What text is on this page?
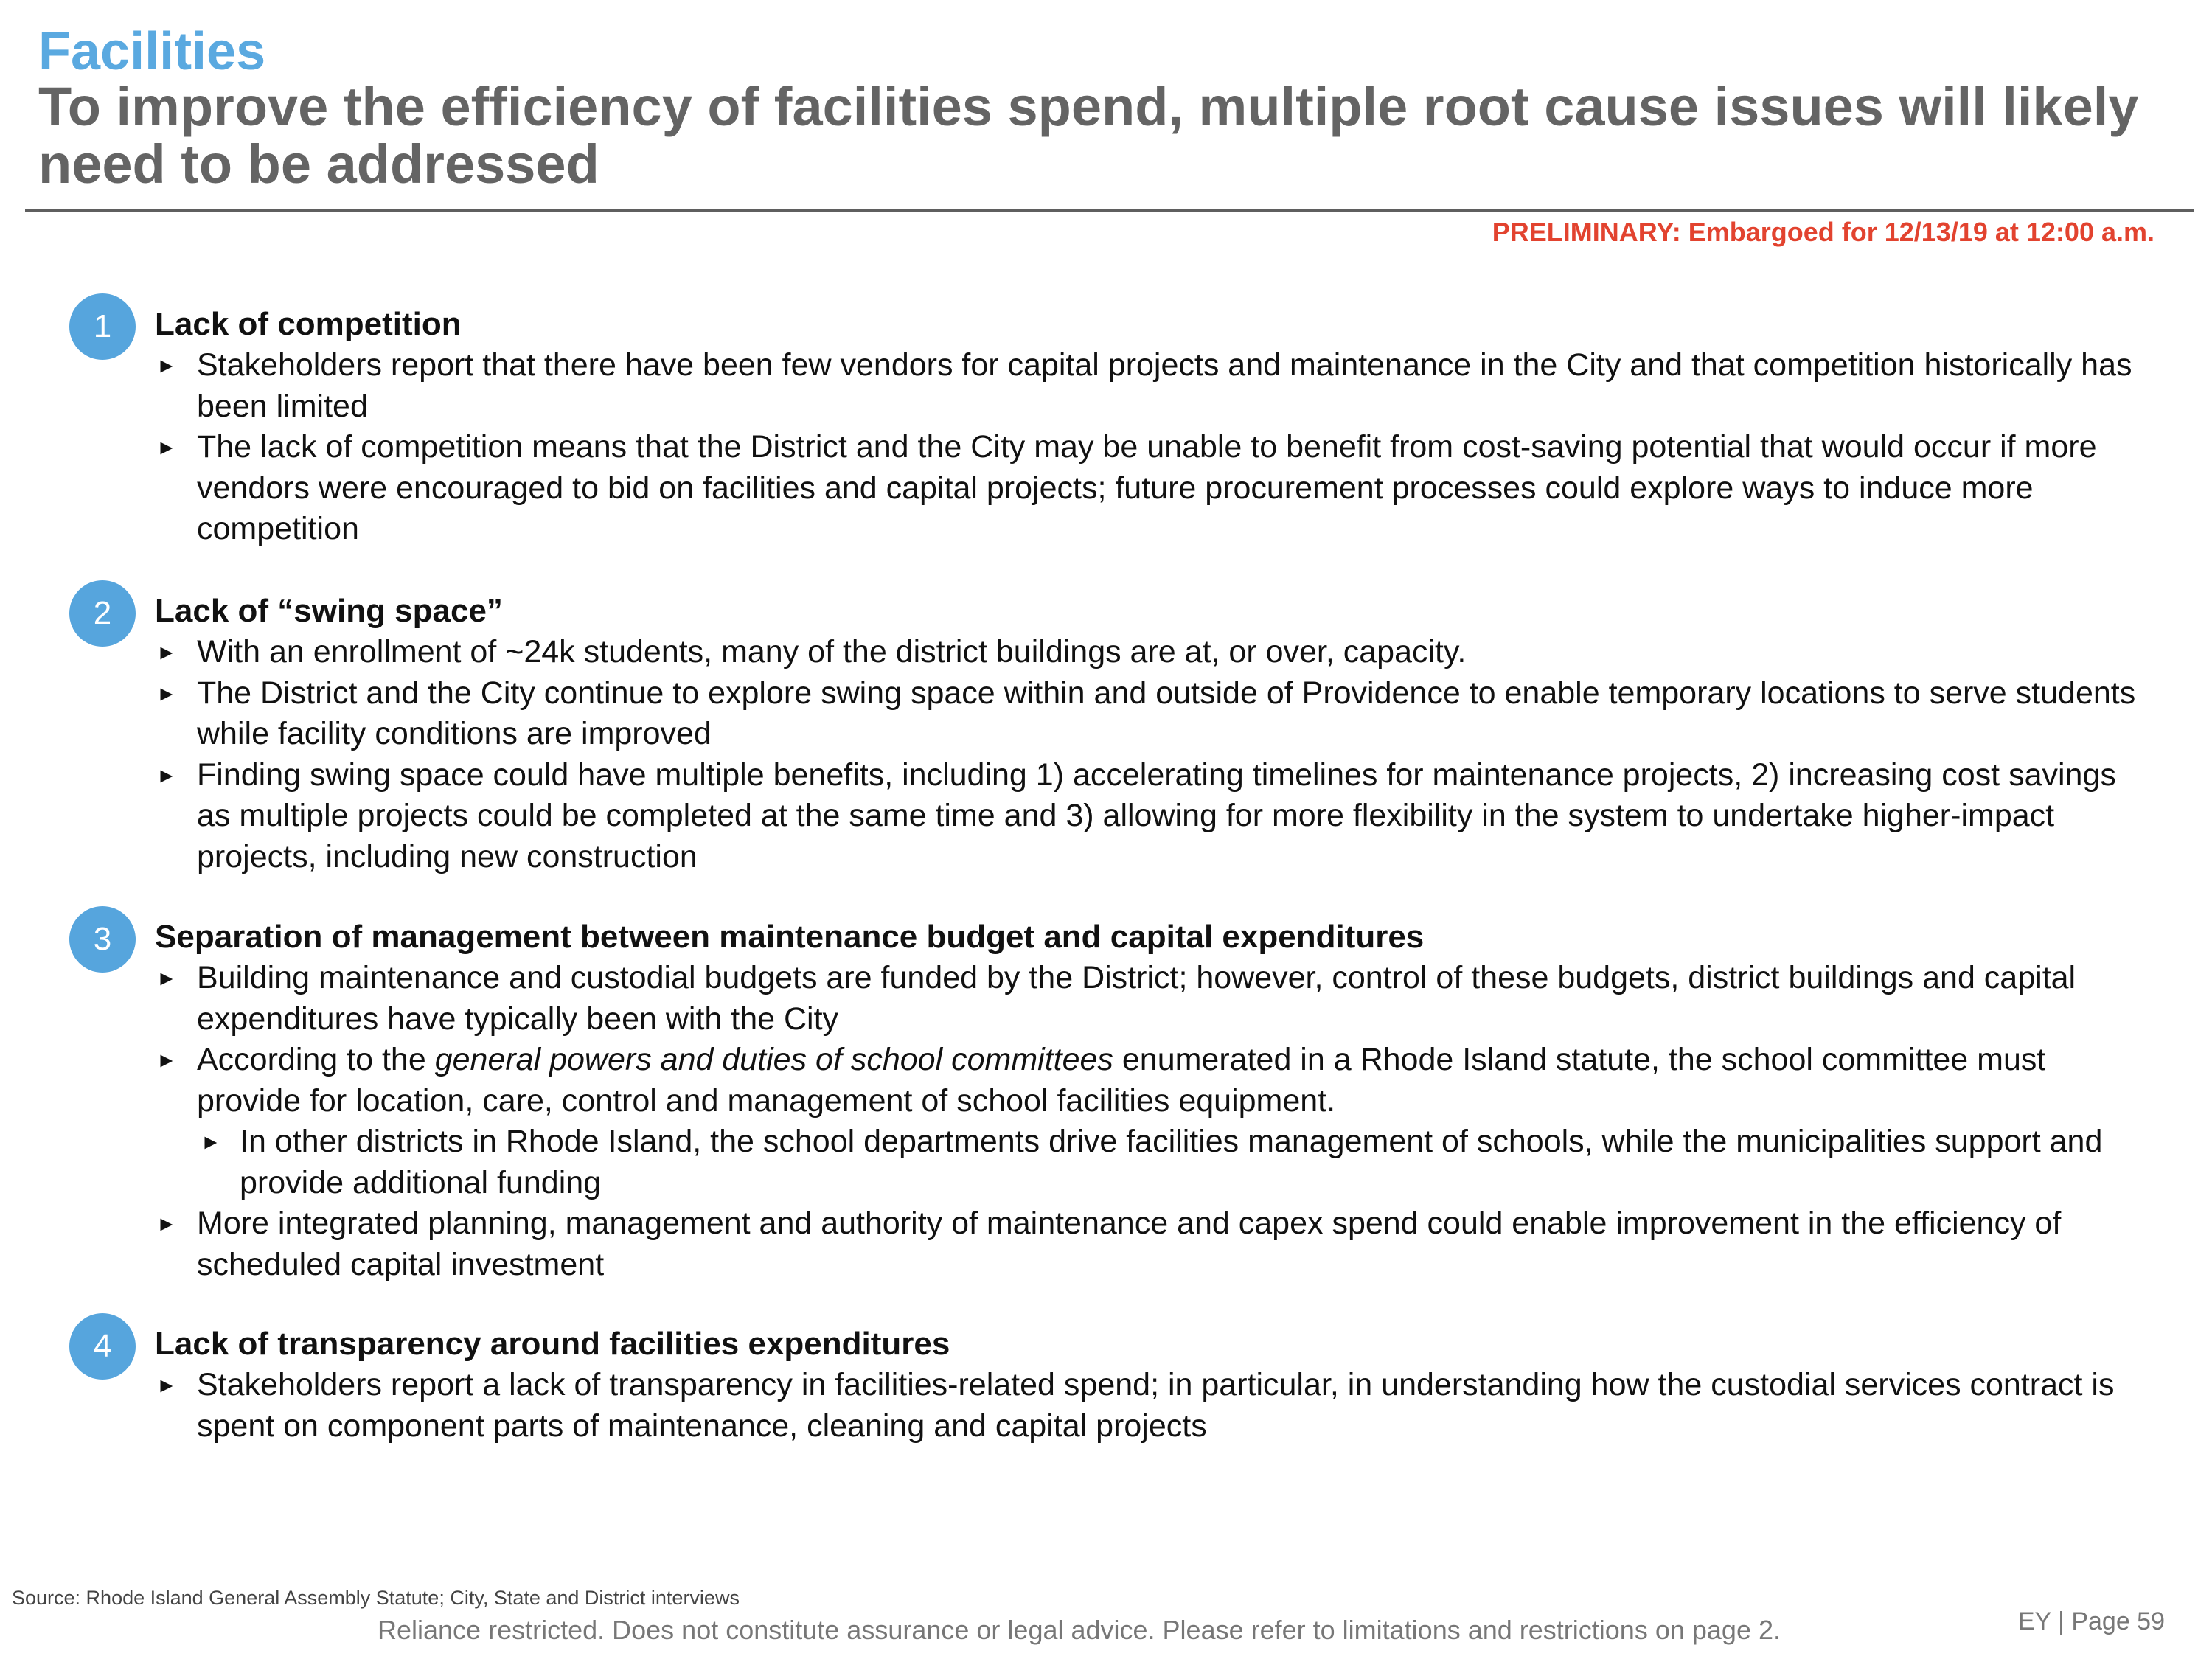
Facilities
To improve the efficiency of facilities spend, multiple root cause issues will likely need to be addressed
PRELIMINARY: Embargoed for 12/13/19 at 12:00 a.m.
1	Lack of competition
► Stakeholders report that there have been few vendors for capital projects and maintenance in the City and that competition historically has been limited
► The lack of competition means that the District and the City may be unable to benefit from cost-saving potential that would occur if more vendors were encouraged to bid on facilities and capital projects; future procurement processes could explore ways to induce more competition
2	Lack of “swing space”
► With an enrollment of ~24k students, many of the district buildings are at, or over, capacity.
► The District and the City continue to explore swing space within and outside of Providence to enable temporary locations to serve students while facility conditions are improved
► Finding swing space could have multiple benefits, including 1) accelerating timelines for maintenance projects, 2) increasing cost savings as multiple projects could be completed at the same time and 3) allowing for more flexibility in the system to undertake higher-impact projects, including new construction
3	Separation of management between maintenance budget and capital expenditures
► Building maintenance and custodial budgets are funded by the District; however, control of these budgets, district buildings and capital expenditures have typically been with the City
► According to the general powers and duties of school committees enumerated in a Rhode Island statute, the school committee must provide for location, care, control and management of school facilities equipment.
► In other districts in Rhode Island, the school departments drive facilities management of schools, while the municipalities support and provide additional funding
► More integrated planning, management and authority of maintenance and capex spend could enable improvement in the efficiency of scheduled capital investment
4	Lack of transparency around facilities expenditures
► Stakeholders report a lack of transparency in facilities-related spend; in particular, in understanding how the custodial services contract is spent on component parts of maintenance, cleaning and capital projects
Source: Rhode Island General Assembly Statute; City, State and District interviews
Reliance restricted. Does not constitute assurance or legal advice. Please refer to limitations and restrictions on page 2.	EY | Page 59
